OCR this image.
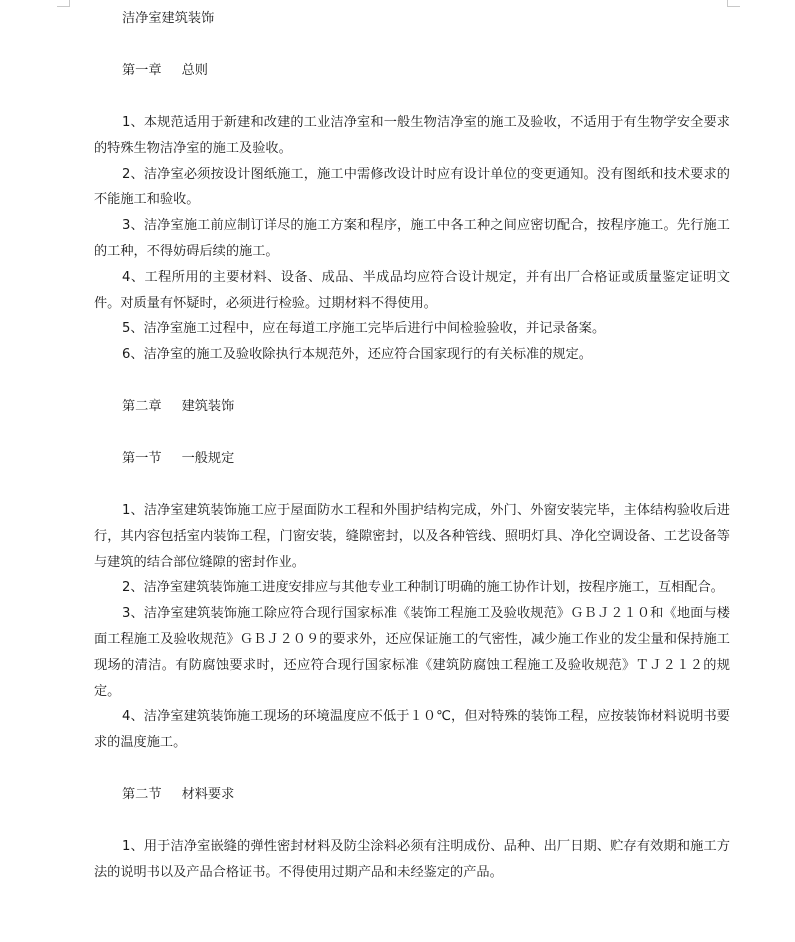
洁净室建筑装饰

第一章 总则

1、本规范适用于新建和改建的工业洁净室和一般生物洁净室的施工及验收，不适用于有生物学安全要求的特殊生物洁净室的施工及验收。

2、洁净室必须按设计图纸施工，施工中需修改设计时应有设计单位的变更通知。没有图纸和技术要求的不能施工和验收。

3、洁净室施工前应制订详尽的施工方案和程序，施工中各工种之间应密切配合，按程序施工。先行施工的工种，不得妨碍后续的施工。

4、工程所用的主要材料、设备、成品、半成品均应符合设计规定，并有出厂合格证或质量鉴定证明文件。对质量有怀疑时，必须进行检验。过期材料不得使用。

5、洁净室施工过程中，应在每道工序施工完毕后进行中间检验验收，并记录备案。

6、洁净室的施工及验收除执行本规范外，还应符合国家现行的有关标准的规定。

第二章 建筑装饰

第一节 一般规定

1、洁净室建筑装饰施工应于屋面防水工程和外围护结构完成，外门、外窗安装完毕，主体结构验收后进行，其内容包括室内装饰工程，门窗安装，缝隙密封，以及各种管线、照明灯具、净化空调设备、工艺设备等与建筑的结合部位缝隙的密封作业。

2、洁净室建筑装饰施工进度安排应与其他专业工种制订明确的施工协作计划，按程序施工，互相配合。

3、洁净室建筑装饰施工除应符合现行国家标准《装饰工程施工及验收规范》ＧＢＪ２１０和《地面与楼面工程施工及验收规范》ＧＢＪ２０９的要求外，还应保证施工的气密性，减少施工作业的发尘量和保持施工现场的清洁。有防腐蚀要求时，还应符合现行国家标准《建筑防腐蚀工程施工及验收规范》ＴＪ２１２的规定。

4、洁净室建筑装饰施工现场的环境温度应不低于１０℃，但对特殊的装饰工程，应按装饰材料说明书要求的温度施工。

第二节 材料要求

1、用于洁净室嵌缝的弹性密封材料及防尘涂料必须有注明成份、品种、出厂日期、贮存有效期和施工方法的说明书以及产品合格证书。不得使用过期产品和未经鉴定的产品。
